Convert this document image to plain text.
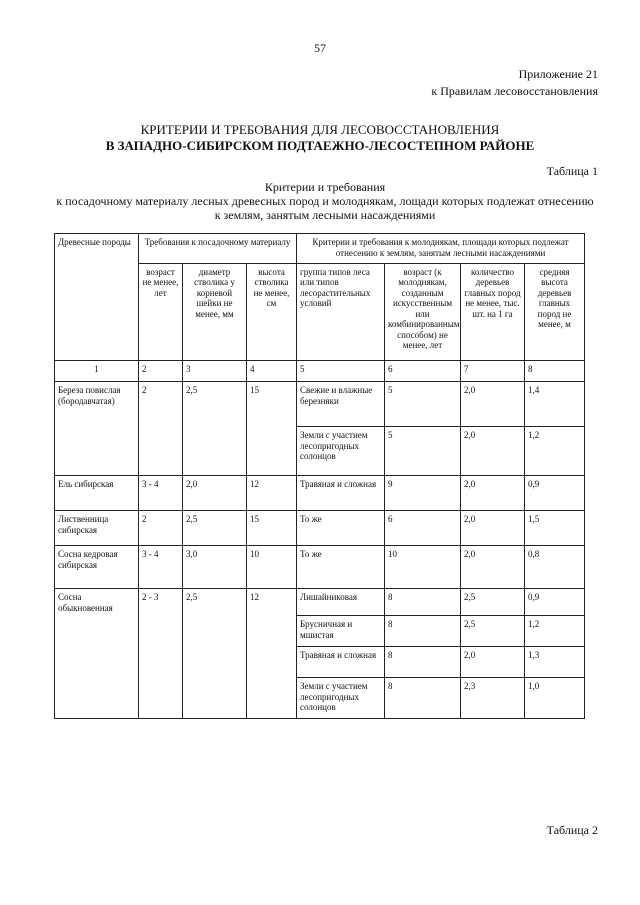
57
Приложение 21
к Правилам лесовосстановления
КРИТЕРИИ И ТРЕБОВАНИЯ ДЛЯ ЛЕСОВОССТАНОВЛЕНИЯ
В ЗАПАДНО-СИБИРСКОМ ПОДТАЕЖНО-ЛЕСОСТЕПНОМ РАЙОНЕ
Таблица 1
Критерии и требования
к посадочному материалу лесных древесных пород и молоднякам, лощади которых подлежат отнесению
к землям, занятым лесными насаждениями
Древесные породы	Требования к посадочному материалу			Критерии и требования к молоднякам, площади которых подлежат отнесению к землям, занятым лесными насаждениями			
	возраст не менее, лет	диаметр стволика у корневой шейки не менее, мм	высота стволика не менее, см	группа типов леса или типов лесорастительных условий	возраст (к молоднякам, созданным искусственным или комбинированным способом) не менее, лет	количество деревьев главных пород не менее, тыс. шт. на 1 га	средняя высота деревьев главных пород не менее, м
1	2	3	4	5	6	7	8
Береза повислая (бородавчатая)	2	2,5	15	Свежие и влажные березняки	5	2,0	1,4
				Земли с участием лесопригодных солонцов	5	2,0	1,2
Ель сибирская	3 - 4	2,0	12	Травяная и сложная	9	2,0	0,9
Лиственница сибирская	2	2,5	15	То же	6	2,0	1,5
Сосна кедровая сибирская	3 - 4	3,0	10	То же	10	2,0	0,8
Сосна обыкновенная	2 - 3	2,5	12	Лишайниковая	8	2,5	0,9
				Брусничная и мшистая	8	2,5	1,2
				Травяная и сложная	8	2,0	1,3
				Земли с участием лесопригодных солонцов	8	2,3	1,0
Таблица 2
